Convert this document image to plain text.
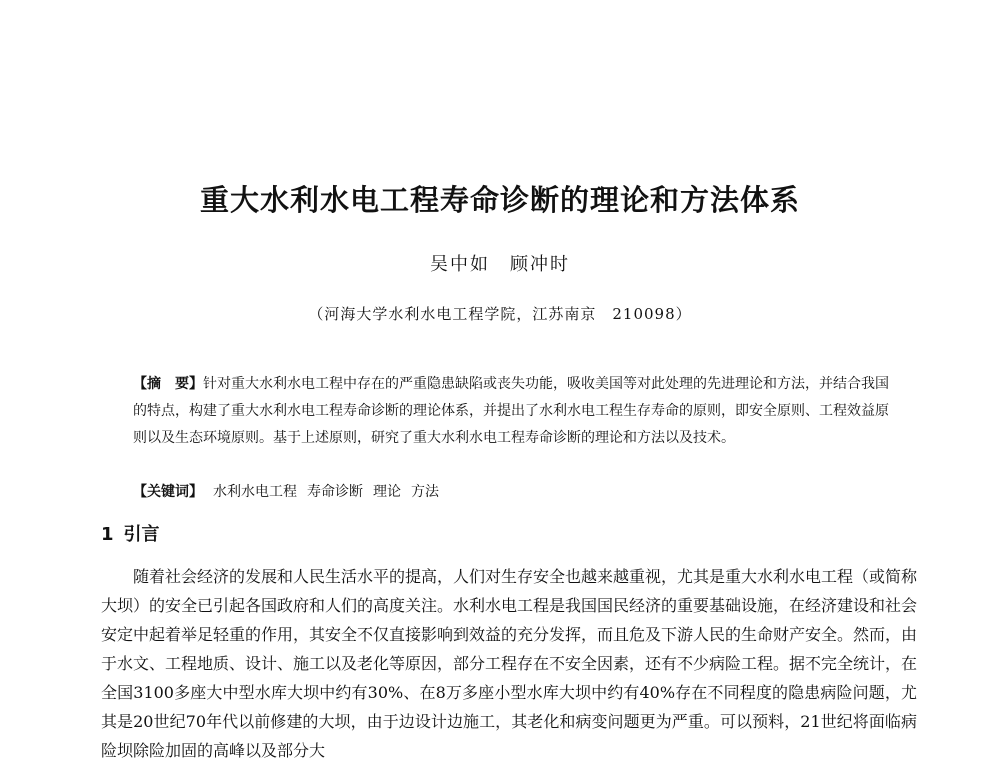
重大水利水电工程寿命诊断的理论和方法体系
吴中如 顾冲时
（河海大学水利水电工程学院，江苏南京　210098）
【摘　要】针对重大水利水电工程中存在的严重隐患缺陷或丧失功能，吸收美国等对此处理的先进理论和方法，并结合我国的特点，构建了重大水利水电工程寿命诊断的理论体系，并提出了水利水电工程生存寿命的原则，即安全原则、工程效益原则以及生态环境原则。基于上述原则，研究了重大水利水电工程寿命诊断的理论和方法以及技术。
【关键词】 水利水电工程 寿命诊断 理论 方法
1 引言

随着社会经济的发展和人民生活水平的提高，人们对生存安全也越来越重视，尤其是重大水利水电工程（或简称大坝）的安全已引起各国政府和人们的高度关注。水利水电工程是我国国民经济的重要基础设施，在经济建设和社会安定中起着举足轻重的作用，其安全不仅直接影响到效益的充分发挥，而且危及下游人民的生命财产安全。然而，由于水文、工程地质、设计、施工以及老化等原因，部分工程存在不安全因素，还有不少病险工程。据不完全统计，在全国3100多座大中型水库大坝中约有30%、在8万多座小型水库大坝中约有40%存在不同程度的隐患病险问题，尤其是20世纪70年代以前修建的大坝，由于边设计边施工，其老化和病变问题更为严重。可以预料，21世纪将面临病险坝除险加固的高峰以及部分大
